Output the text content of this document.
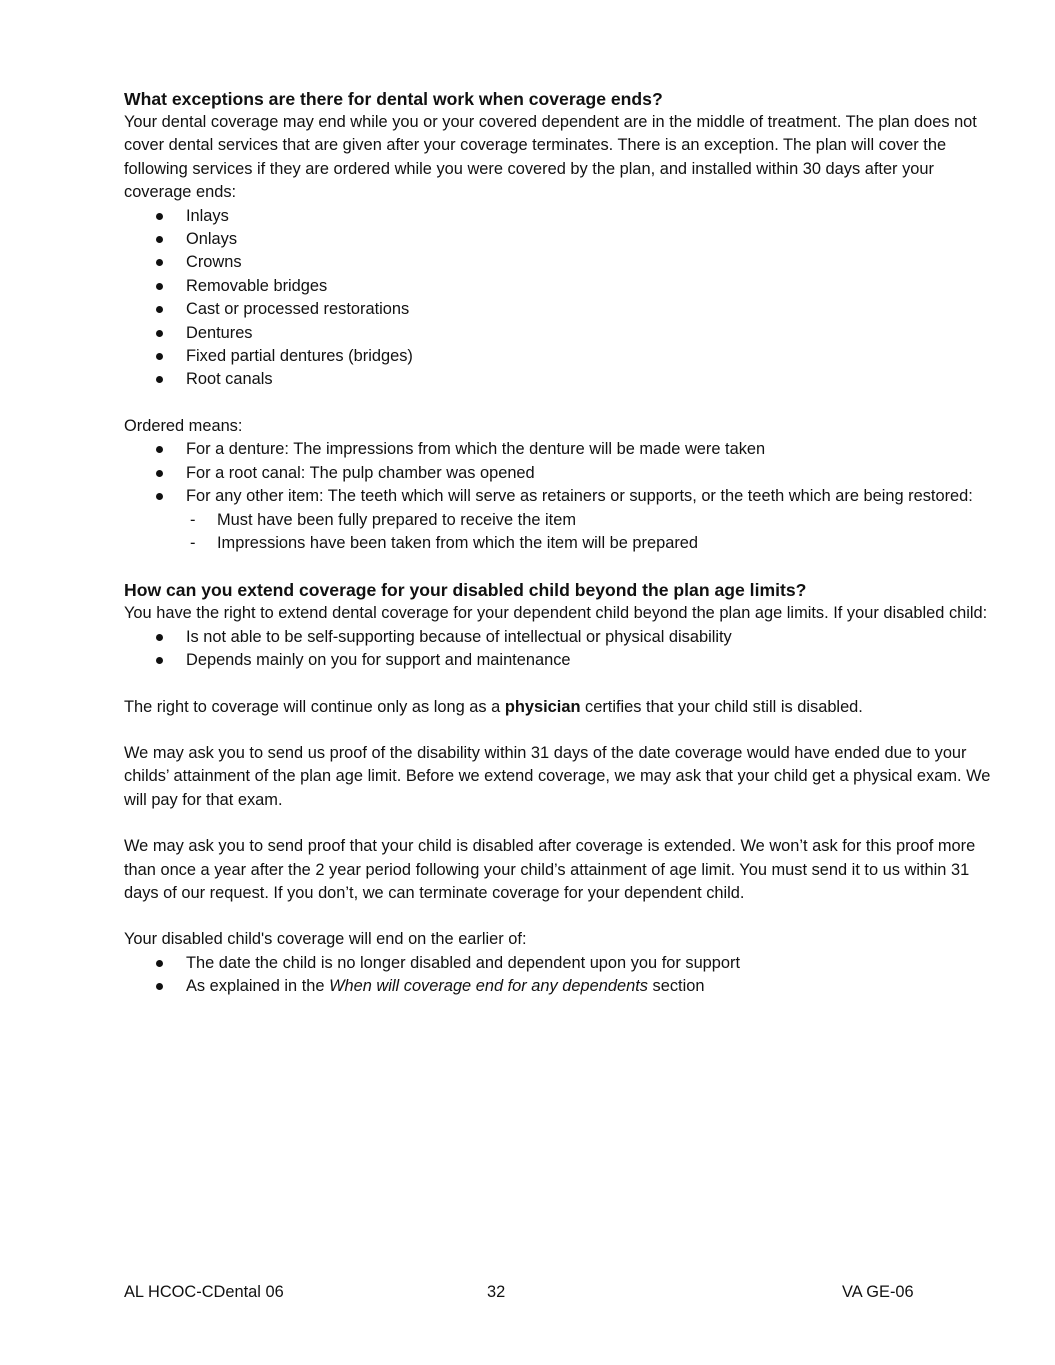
What exceptions are there for dental work when coverage ends?

Your dental coverage may end while you or your covered dependent are in the middle of treatment. The plan does not cover dental services that are given after your coverage terminates. There is an exception. The plan will cover the following services if they are ordered while you were covered by the plan, and installed within 30 days after your coverage ends:

Inlays
Onlays
Crowns
Removable bridges
Cast or processed restorations
Dentures
Fixed partial dentures (bridges)
Root canals

Ordered means:

For a denture: The impressions from which the denture will be made were taken
For a root canal: The pulp chamber was opened
For any other item: The teeth which will serve as retainers or supports, or the teeth which are being restored:
- Must have been fully prepared to receive the item
- Impressions have been taken from which the item will be prepared
How can you extend coverage for your disabled child beyond the plan age limits?

You have the right to extend dental coverage for your dependent child beyond the plan age limits. If your disabled child:

Is not able to be self-supporting because of intellectual or physical disability
Depends mainly on you for support and maintenance

The right to coverage will continue only as long as a physician certifies that your child still is disabled.

We may ask you to send us proof of the disability within 31 days of the date coverage would have ended due to your childs’ attainment of the plan age limit. Before we extend coverage, we may ask that your child get a physical exam. We will pay for that exam.

We may ask you to send proof that your child is disabled after coverage is extended. We won’t ask for this proof more than once a year after the 2 year period following your child’s attainment of age limit. You must send it to us within 31 days of our request. If you don’t, we can terminate coverage for your dependent child.

Your disabled child's coverage will end on the earlier of:

The date the child is no longer disabled and dependent upon you for support
As explained in the When will coverage end for any dependents section
AL HCOC-CDental 06	32	VA GE-06
